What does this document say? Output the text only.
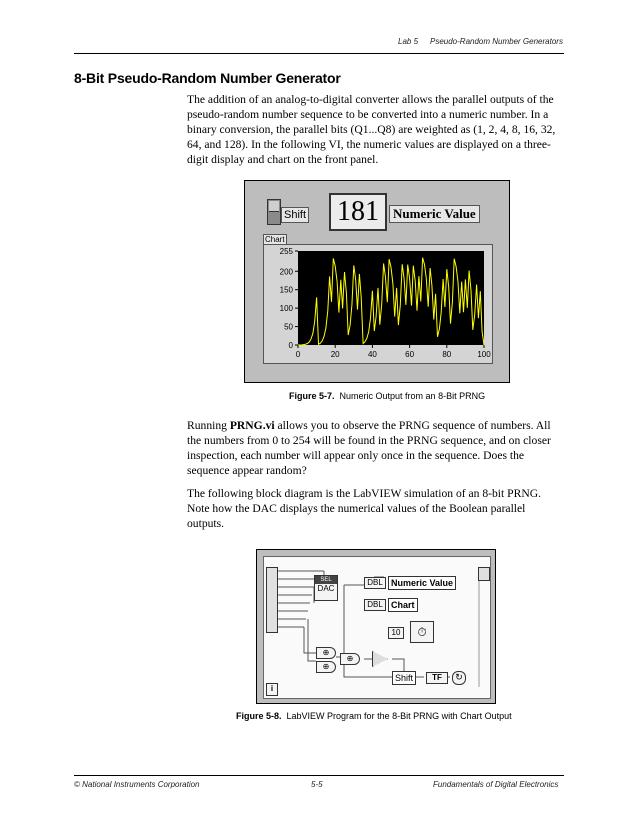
Lab 5 Pseudo-Random Number Generators
8-Bit Pseudo-Random Number Generator

The addition of an analog-to-digital converter allows the parallel outputs of the pseudo-random number sequence to be converted into a numeric number. In a binary conversion, the parallel bits (Q1...Q8) are weighted as (1, 2, 4, 8, 16, 32, 64, and 128). In the following VI, the numeric values are displayed on a three-digit display and chart on the front panel.

Shift 181	Numeric Value
Chart
0
50
100
150
200
255
0	20	40	60	80	100
Figure 5-7. Numeric Output from an 8-Bit PRNG

Running PRNG.vi allows you to observe the PRNG sequence of numbers. All the numbers from 0 to 254 will be found in the PRNG sequence, and on closer inspection, each number will appear only once in the sequence. Does the sequence appear random?

The following block diagram is the LabVIEW simulation of an 8-bit PRNG. Note how the DAC displays the numerical values of the Boolean parallel outputs.

SEL
DAC
DBL Numeric Value
DBL Chart
10	⏱
⊕
⊕
⊕
Shift	TF	↻
i
Figure 5-8. LabVIEW Program for the 8-Bit PRNG with Chart Output
© National Instruments Corporation	5-5	Fundamentals of Digital Electronics
